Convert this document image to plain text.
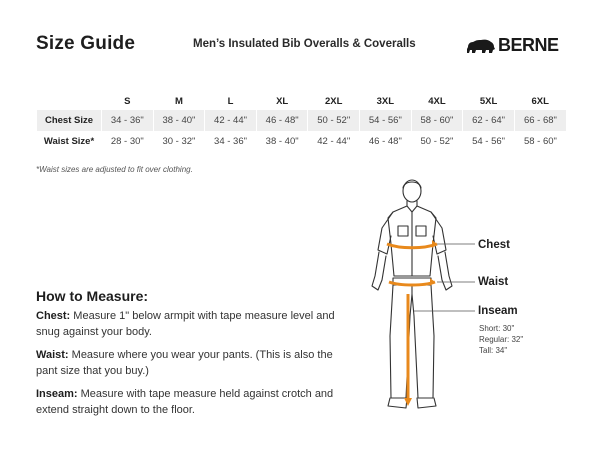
Size Guide	Men’s Insulated Bib Overalls & Coveralls	BERNE
	S	M	L	XL	2XL	3XL	4XL	5XL	6XL
Chest Size	34 - 36"	38 - 40"	42 - 44"	46 - 48"	50 - 52"	54 - 56"	58 - 60"	62 - 64"	66 - 68"
Waist Size*	28 - 30"	30 - 32"	34 - 36"	38 - 40"	42 - 44"	46 - 48"	50 - 52"	54 - 56"	58 - 60"
*Waist sizes are adjusted to fit over clothing.
How to Measure:
Chest: Measure 1" below armpit with tape measure level and snug against your body.
Waist: Measure where you wear your pants. (This is also the pant size that you buy.)
Inseam: Measure with tape measure held against crotch and extend straight down to the floor.
Chest
Waist
Inseam
Short: 30"
Regular: 32"
Tall: 34"
